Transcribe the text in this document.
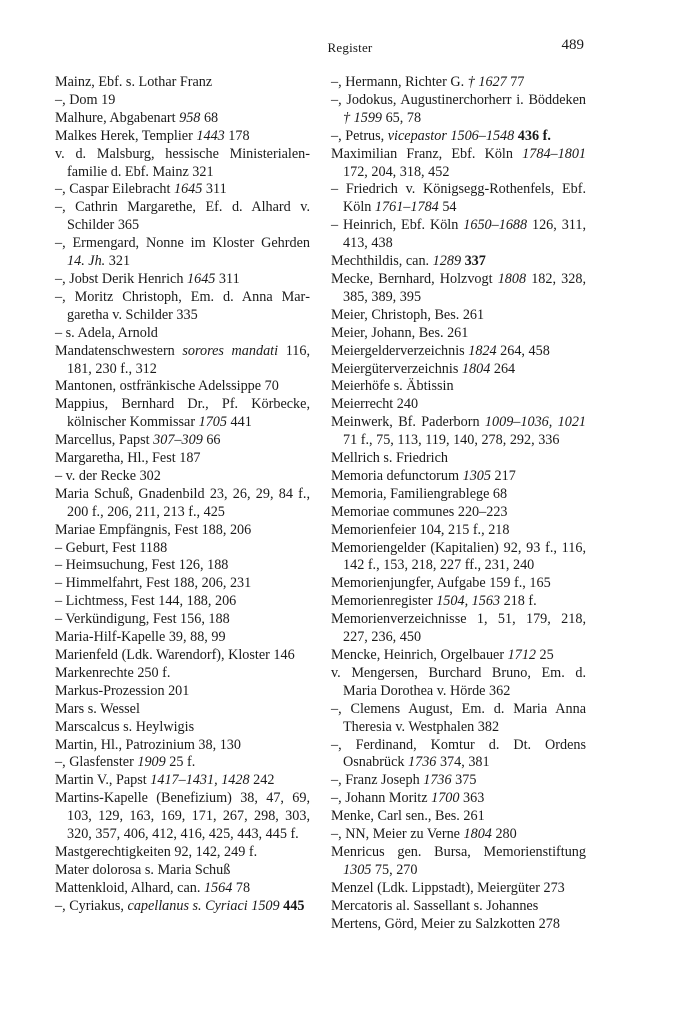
Register	489

Mainz, Ebf. s. Lothar Franz

–, Dom 19

Malhure, Abgabenart 958 68

Malkes Herek, Templier 1443 178

v. d. Malsburg, hessische Ministerialenfamilie d. Ebf. Mainz 321

–, Caspar Eilebracht 1645 311

–, Cathrin Margarethe, Ef. d. Alhard v. Schilder 365

–, Ermengard, Nonne im Kloster Gehrden 14. Jh. 321

–, Jobst Derik Henrich 1645 311

–, Moritz Christoph, Em. d. Anna Margaretha v. Schilder 335

– s. Adela, Arnold

Mandatenschwestern sorores mandati 116, 181, 230 f., 312

Mantonen, ostfränkische Adelssippe 70

Mappius, Bernhard Dr., Pf. Körbecke, kölnischer Kommissar 1705 441

Marcellus, Papst 307–309 66

Margaretha, Hl., Fest 187

– v. der Recke 302

Maria Schuß, Gnadenbild 23, 26, 29, 84 f., 200 f., 206, 211, 213 f., 425

Mariae Empfängnis, Fest 188, 206

– Geburt, Fest 1188

– Heimsuchung, Fest 126, 188

– Himmelfahrt, Fest 188, 206, 231

– Lichtmess, Fest 144, 188, 206

– Verkündigung, Fest 156, 188

Maria-Hilf-Kapelle 39, 88, 99

Marienfeld (Ldk. Warendorf), Kloster 146

Markenrechte 250 f.

Markus-Prozession 201

Mars s. Wessel

Marscalcus s. Heylwigis

Martin, Hl., Patrozinium 38, 130

–, Glasfenster 1909 25 f.

Martin V., Papst 1417–1431, 1428 242

Martins-Kapelle (Benefizium) 38, 47, 69, 103, 129, 163, 169, 171, 267, 298, 303, 320, 357, 406, 412, 416, 425, 443, 445 f.

Mastgerechtigkeiten 92, 142, 249 f.

Mater dolorosa s. Maria Schuß

Mattenkloid, Alhard, can. 1564 78

–, Cyriakus, capellanus s. Cyriaci 1509 445

–, Hermann, Richter G. † 1627 77

–, Jodokus, Augustinerchorherr i. Böddeken † 1599 65, 78

–, Petrus, vicepastor 1506–1548 436 f.

Maximilian Franz, Ebf. Köln 1784–1801 172, 204, 318, 452

– Friedrich v. Königsegg-Rothenfels, Ebf. Köln 1761–1784 54

– Heinrich, Ebf. Köln 1650–1688 126, 311, 413, 438

Mechthildis, can. 1289 337

Mecke, Bernhard, Holzvogt 1808 182, 328, 385, 389, 395

Meier, Christoph, Bes. 261

Meier, Johann, Bes. 261

Meiergelderverzeichnis 1824 264, 458

Meiergüterverzeichnis 1804 264

Meierhöfe s. Äbtissin

Meierrecht 240

Meinwerk, Bf. Paderborn 1009–1036, 1021 71 f., 75, 113, 119, 140, 278, 292, 336

Mellrich s. Friedrich

Memoria defunctorum 1305 217

Memoria, Familiengrablege 68

Memoriae communes 220–223

Memorienfeier 104, 215 f., 218

Memoriengelder (Kapitalien) 92, 93 f., 116, 142 f., 153, 218, 227 ff., 231, 240

Memorienjungfer, Aufgabe 159 f., 165

Memorienregister 1504, 1563 218 f.

Memorienverzeichnisse 1, 51, 179, 218, 227, 236, 450

Mencke, Heinrich, Orgelbauer 1712 25

v. Mengersen, Burchard Bruno, Em. d. Maria Dorothea v. Hörde 362

–, Clemens August, Em. d. Maria Anna Theresia v. Westphalen 382

–, Ferdinand, Komtur d. Dt. Ordens Osnabrück 1736 374, 381

–, Franz Joseph 1736 375

–, Johann Moritz 1700 363

Menke, Carl sen., Bes. 261

–, NN, Meier zu Verne 1804 280

Menricus gen. Bursa, Memorienstiftung 1305 75, 270

Menzel (Ldk. Lippstadt), Meiergüter 273

Mercatoris al. Sassellant s. Johannes

Mertens, Görd, Meier zu Salzkotten 278
